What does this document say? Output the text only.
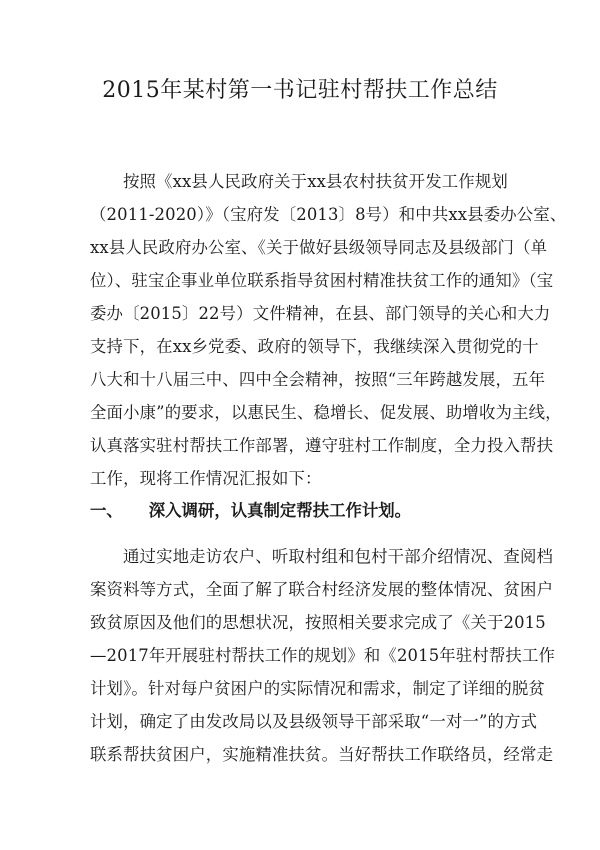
2015年某村第一书记驻村帮扶工作总结
按照《xx县人民政府关于xx县农村扶贫开发工作规划
（2011-2020）》（宝府发〔2013〕8号）和中共xx县委办公室、
xx县人民政府办公室、《关于做好县级领导同志及县级部门（单
位）、驻宝企事业单位联系指导贫困村精准扶贫工作的通知》（宝
委办〔2015〕22号）文件精神，在县、部门领导的关心和大力
支持下，在xx乡党委、政府的领导下，我继续深入贯彻党的十
八大和十八届三中、四中全会精神，按照“三年跨越发展，五年
全面小康”的要求，以惠民生、稳增长、促发展、助增收为主线，
认真落实驻村帮扶工作部署，遵守驻村工作制度，全力投入帮扶
工作，现将工作情况汇报如下：
一、 深入调研，认真制定帮扶工作计划。
通过实地走访农户、听取村组和包村干部介绍情况、查阅档
案资料等方式，全面了解了联合村经济发展的整体情况、贫困户
致贫原因及他们的思想状况，按照相关要求完成了《关于2015
—2017年开展驻村帮扶工作的规划》和《2015年驻村帮扶工作
计划》。针对每户贫困户的实际情况和需求，制定了详细的脱贫
计划，确定了由发改局以及县级领导干部采取“一对一”的方式
联系帮扶贫困户，实施精准扶贫。当好帮扶工作联络员，经常走
